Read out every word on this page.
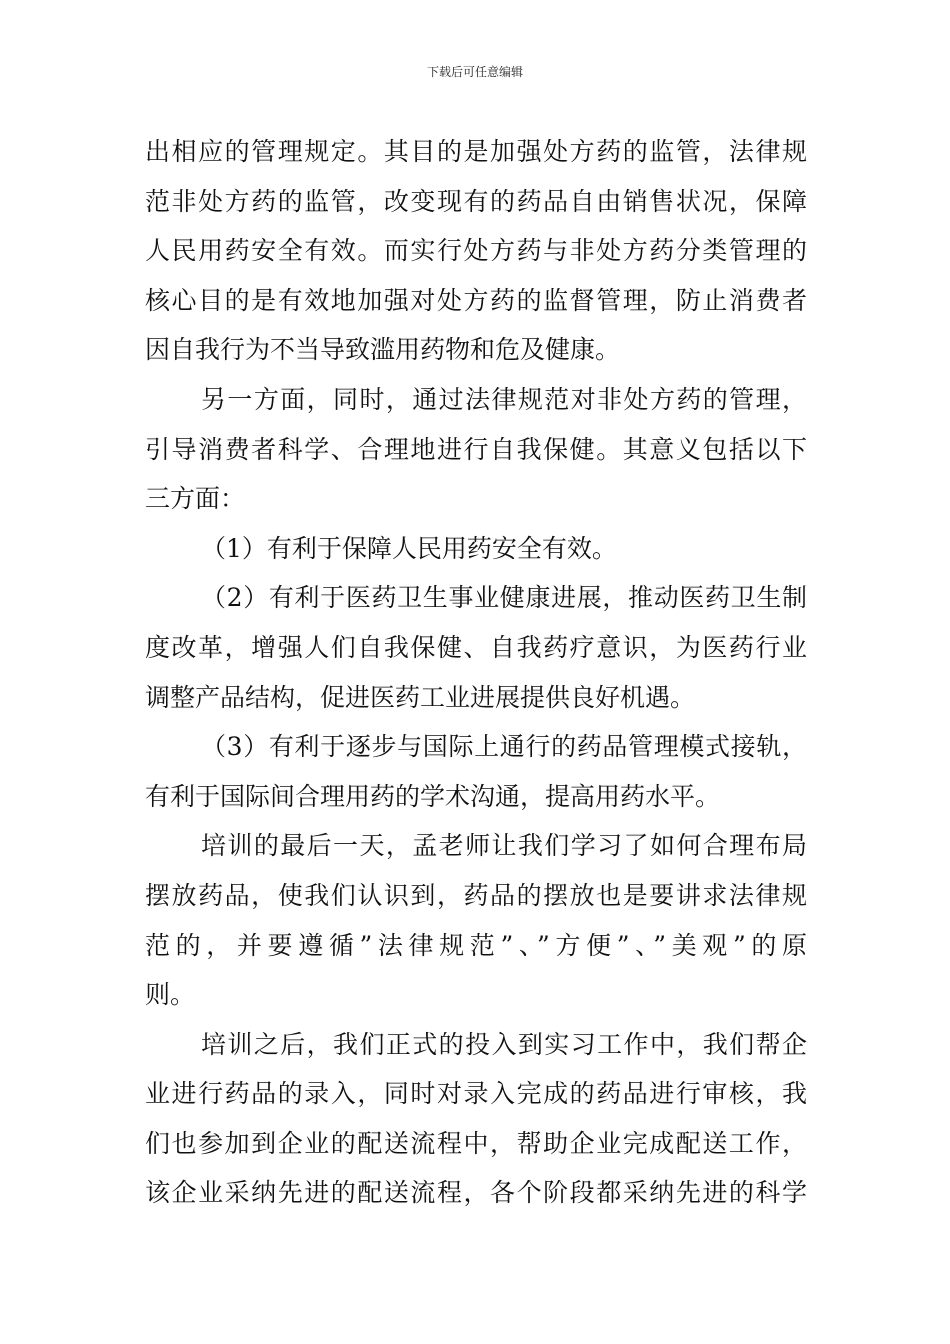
下载后可任意编辑
出相应的管理规定。其目的是加强处方药的监管，法律规
范非处方药的监管，改变现有的药品自由销售状况，保障
人民用药安全有效。而实行处方药与非处方药分类管理的
核心目的是有效地加强对处方药的监督管理，防止消费者
因自我行为不当导致滥用药物和危及健康。
另一方面，同时，通过法律规范对非处方药的管理，
引导消费者科学、合理地进行自我保健。其意义包括以下
三方面：
（1）有利于保障人民用药安全有效。
（2）有利于医药卫生事业健康进展，推动医药卫生制
度改革，增强人们自我保健、自我药疗意识，为医药行业
调整产品结构，促进医药工业进展提供良好机遇。
（3）有利于逐步与国际上通行的药品管理模式接轨，
有利于国际间合理用药的学术沟通，提高用药水平。
培训的最后一天，孟老师让我们学习了如何合理布局
摆放药品，使我们认识到，药品的摆放也是要讲求法律规
范的，并要遵循”法律规范”、”方便”、”美观”的原
则。
培训之后，我们正式的投入到实习工作中，我们帮企
业进行药品的录入，同时对录入完成的药品进行审核，我
们也参加到企业的配送流程中，帮助企业完成配送工作，
该企业采纳先进的配送流程，各个阶段都采纳先进的科学
